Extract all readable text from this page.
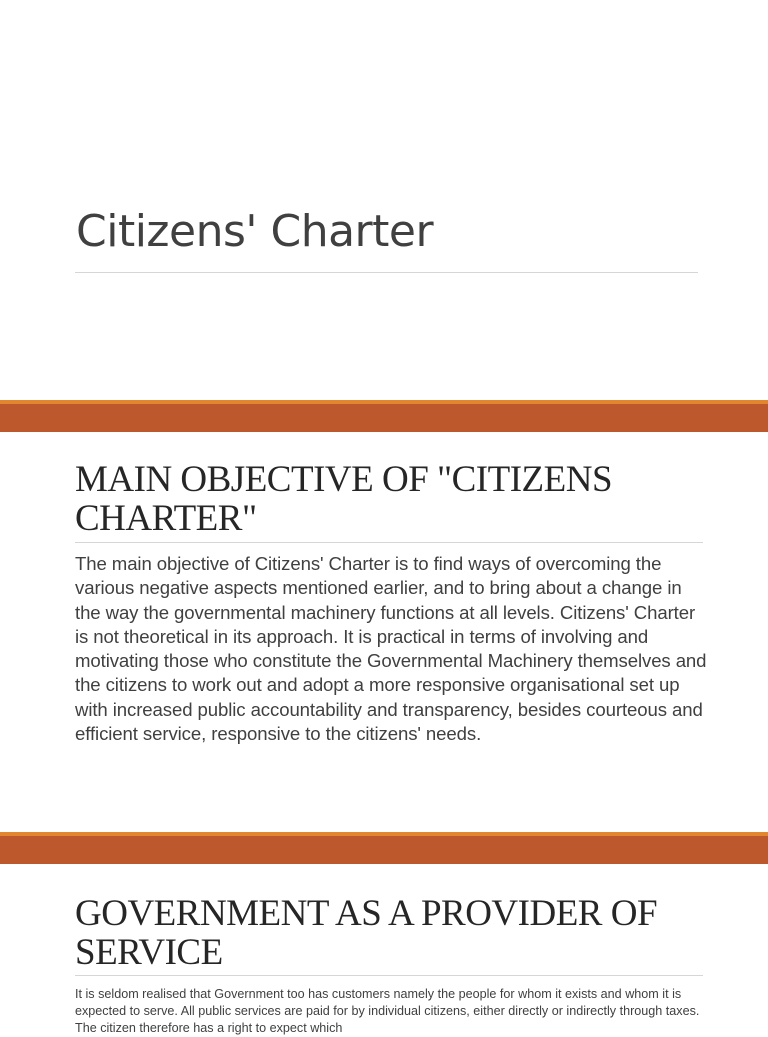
Citizens' Charter
MAIN OBJECTIVE OF "CITIZENS CHARTER"

The main objective of Citizens' Charter is to find ways of overcoming the various negative aspects mentioned earlier, and to bring about a change in the way the governmental machinery functions at all levels. Citizens' Charter is not theoretical in its approach. It is practical in terms of involving and motivating those who constitute the Governmental Machinery themselves and the citizens to work out and adopt a more responsive organisational set up with increased public accountability and transparency, besides courteous and efficient service, responsive to the citizens' needs.

GOVERNMENT AS A PROVIDER OF SERVICE

It is seldom realised that Government too has customers namely the people for whom it exists and whom it is expected to serve. All public services are paid for by individual citizens, either directly or indirectly through taxes. The citizen therefore has a right to expect which
